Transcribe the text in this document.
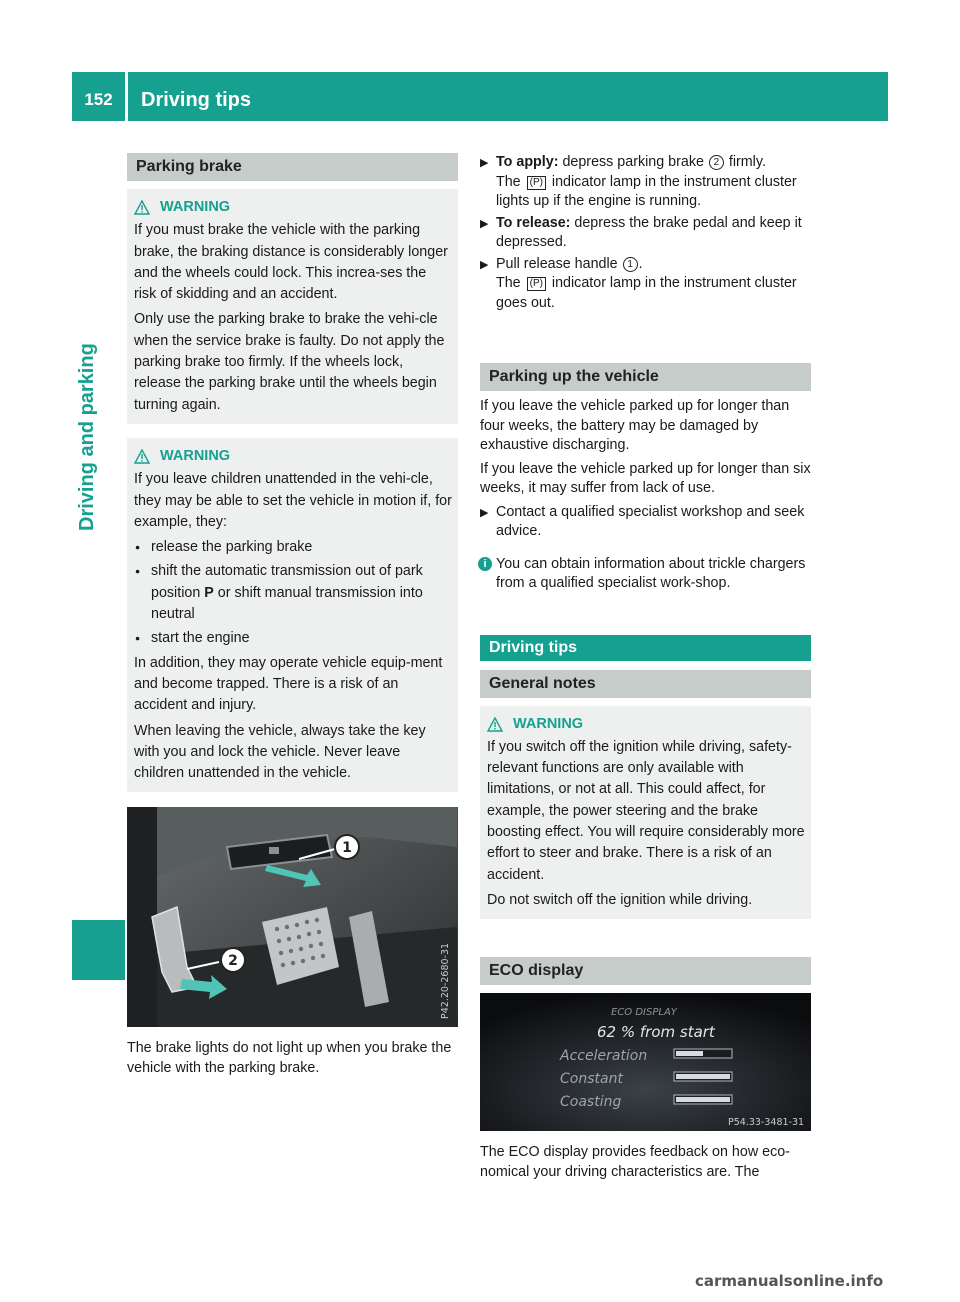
152	Driving tips
Driving and parking
Parking brake
WARNING

If you must brake the vehicle with the parking brake, the braking distance is considerably longer and the wheels could lock. This increa-ses the risk of skidding and an accident.

Only use the parking brake to brake the vehi-cle when the service brake is faulty. Do not apply the parking brake too firmly. If the wheels lock, release the parking brake until the wheels begin turning again.

WARNING

If you leave children unattended in the vehi-cle, they may be able to set the vehicle in motion if, for example, they:

● release the parking brake
● shift the automatic transmission out of park position P or shift manual transmission into neutral
● start the engine

In addition, they may operate vehicle equip-ment and become trapped. There is a risk of an accident and injury.

When leaving the vehicle, always take the key with you and lock the vehicle. Never leave children unattended in the vehicle.

1
2	P42.20-2680-31

The brake lights do not light up when you brake the vehicle with the parking brake.

▶ To apply: depress parking brake 2 firmly.
The (P) indicator lamp in the instrument cluster lights up if the engine is running.
▶ To release: depress the brake pedal and keep it depressed.
▶ Pull release handle 1 .
The (P) indicator lamp in the instrument cluster goes out.
Parking up the vehicle

If you leave the vehicle parked up for longer than four weeks, the battery may be damaged by exhaustive discharging.

If you leave the vehicle parked up for longer than six weeks, it may suffer from lack of use.

▶ Contact a qualified specialist workshop and seek advice.
i You can obtain information about trickle chargers from a qualified specialist work-shop.
Driving tips
General notes
WARNING

If you switch off the ignition while driving, safety-relevant functions are only available with limitations, or not at all. This could affect, for example, the power steering and the brake boosting effect. You will require considerably more effort to steer and brake. There is a risk of an accident.

Do not switch off the ignition while driving.

ECO display
ECO DISPLAY
62 % from start
Acceleration
Constant
Coasting
P54.33-3481-31

The ECO display provides feedback on how eco-nomical your driving characteristics are. The

carmanualsonline.info
